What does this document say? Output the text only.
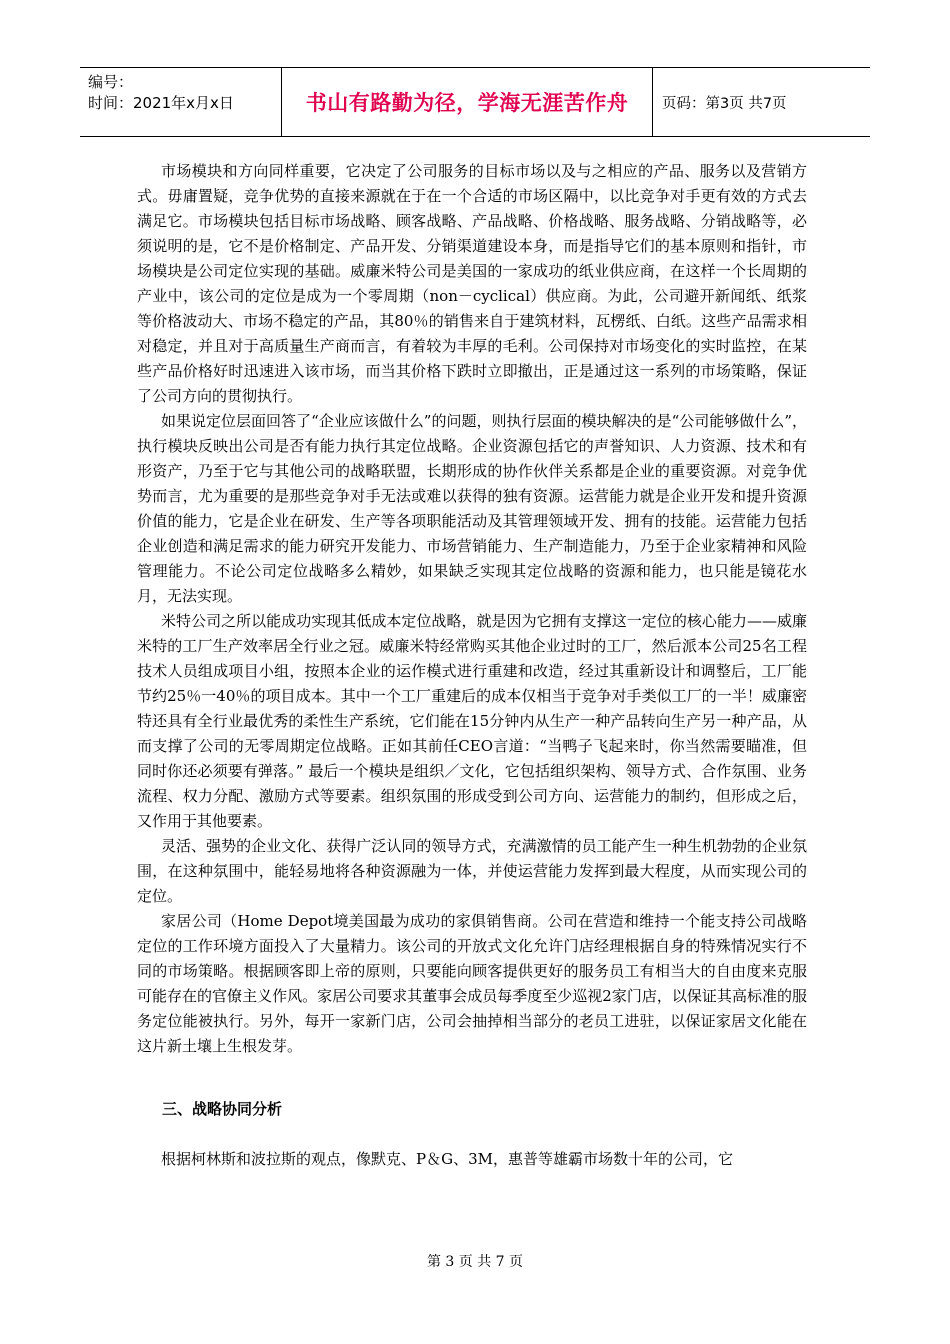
编号：
时间：2021年x月x日	书山有路勤为径，学海无涯苦作舟	页码：第3页 共7页

市场模块和方向同样重要，它决定了公司服务的目标市场以及与之相应的产品、服务以及营销方式。毋庸置疑，竞争优势的直接来源就在于在一个合适的市场区隔中，以比竞争对手更有效的方式去满足它。市场模块包括目标市场战略、顾客战略、产品战略、价格战略、服务战略、分销战略等，必须说明的是，它不是价格制定、产品开发、分销渠道建设本身，而是指导它们的基本原则和指针，市场模块是公司定位实现的基础。威廉米特公司是美国的一家成功的纸业供应商，在这样一个长周期的产业中，该公司的定位是成为一个零周期（non－cyclical）供应商。为此，公司避开新闻纸、纸浆等价格波动大、市场不稳定的产品，其80％的销售来自于建筑材料，瓦楞纸、白纸。这些产品需求相对稳定，并且对于高质量生产商而言，有着较为丰厚的毛利。公司保持对市场变化的实时监控，在某些产品价格好时迅速进入该市场，而当其价格下跌时立即撤出，正是通过这一系列的市场策略，保证了公司方向的贯彻执行。

如果说定位层面回答了“企业应该做什么”的问题，则执行层面的模块解决的是“公司能够做什么”，执行模块反映出公司是否有能力执行其定位战略。企业资源包括它的声誉知识、人力资源、技术和有形资产，乃至于它与其他公司的战略联盟，长期形成的协作伙伴关系都是企业的重要资源。对竞争优势而言，尤为重要的是那些竞争对手无法或难以获得的独有资源。运营能力就是企业开发和提升资源价值的能力，它是企业在研发、生产等各项职能活动及其管理领域开发、拥有的技能。运营能力包括企业创造和满足需求的能力研究开发能力、市场营销能力、生产制造能力，乃至于企业家精神和风险管理能力。不论公司定位战略多么精妙，如果缺乏实现其定位战略的资源和能力，也只能是镜花水月，无法实现。

米特公司之所以能成功实现其低成本定位战略，就是因为它拥有支撑这一定位的核心能力——威廉米特的工厂生产效率居全行业之冠。威廉米特经常购买其他企业过时的工厂，然后派本公司25名工程技术人员组成项目小组，按照本企业的运作模式进行重建和改造，经过其重新设计和调整后，工厂能节约25％一40％的项目成本。其中一个工厂重建后的成本仅相当于竞争对手类似工厂的一半！威廉密特还具有全行业最优秀的柔性生产系统，它们能在15分钟内从生产一种产品转向生产另一种产品，从而支撑了公司的无零周期定位战略。正如其前任CEO言道：“当鸭子飞起来时，你当然需要瞄准，但同时你还必须要有弹落。” 最后一个模块是组织／文化，它包括组织架构、领导方式、合作氛围、业务流程、权力分配、激励方式等要素。组织氛围的形成受到公司方向、运营能力的制约，但形成之后，又作用于其他要素。

灵活、强势的企业文化、获得广泛认同的领导方式，充满激情的员工能产生一种生机勃勃的企业氛围，在这种氛围中，能轻易地将各种资源融为一体，并使运营能力发挥到最大程度，从而实现公司的定位。

家居公司（Home Depot境美国最为成功的家俱销售商。公司在营造和维持一个能支持公司战略定位的工作环境方面投入了大量精力。该公司的开放式文化允许门店经理根据自身的特殊情况实行不同的市场策略。根据顾客即上帝的原则，只要能向顾客提供更好的服务员工有相当大的自由度来克服可能存在的官僚主义作风。家居公司要求其董事会成员每季度至少巡视2家门店，以保证其高标准的服务定位能被执行。另外，每开一家新门店，公司会抽掉相当部分的老员工进驻，以保证家居文化能在这片新土壤上生根发芽。

三、战略协同分析

根据柯林斯和波拉斯的观点，像默克、P＆G、3M，惠普等雄霸市场数十年的公司，它

第 3 页 共 7 页
